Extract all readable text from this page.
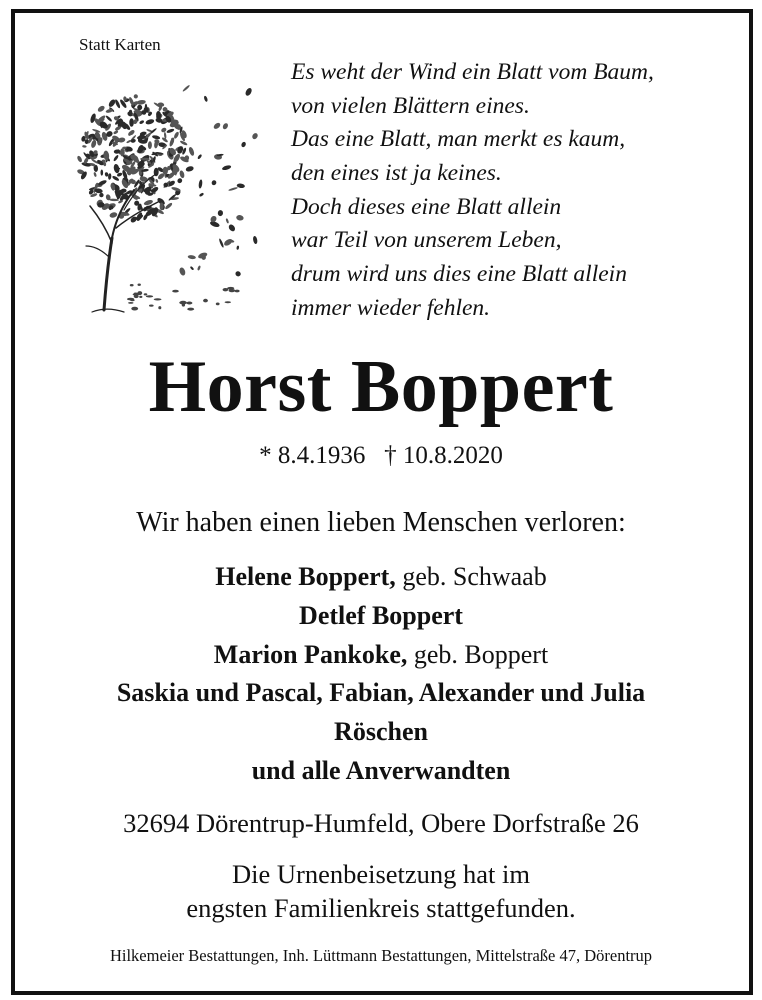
Statt Karten
Es weht der Wind ein Blatt vom Baum,
von vielen Blättern eines.
Das eine Blatt, man merkt es kaum,
den eines ist ja keines.
Doch dieses eine Blatt allein
war Teil von unserem Leben,
drum wird uns dies eine Blatt allein
immer wieder fehlen.
Horst Boppert
* 8.4.1936 † 10.8.2020
Wir haben einen lieben Menschen verloren:
Helene Boppert, geb. Schwaab
Detlef Boppert
Marion Pankoke, geb. Boppert
Saskia und Pascal, Fabian, Alexander und Julia
Röschen
und alle Anverwandten
32694 Dörentrup-Humfeld, Obere Dorfstraße 26
Die Urnenbeisetzung hat im
engsten Familienkreis stattgefunden.
Hilkemeier Bestattungen, Inh. Lüttmann Bestattungen, Mittelstraße 47, Dörentrup
